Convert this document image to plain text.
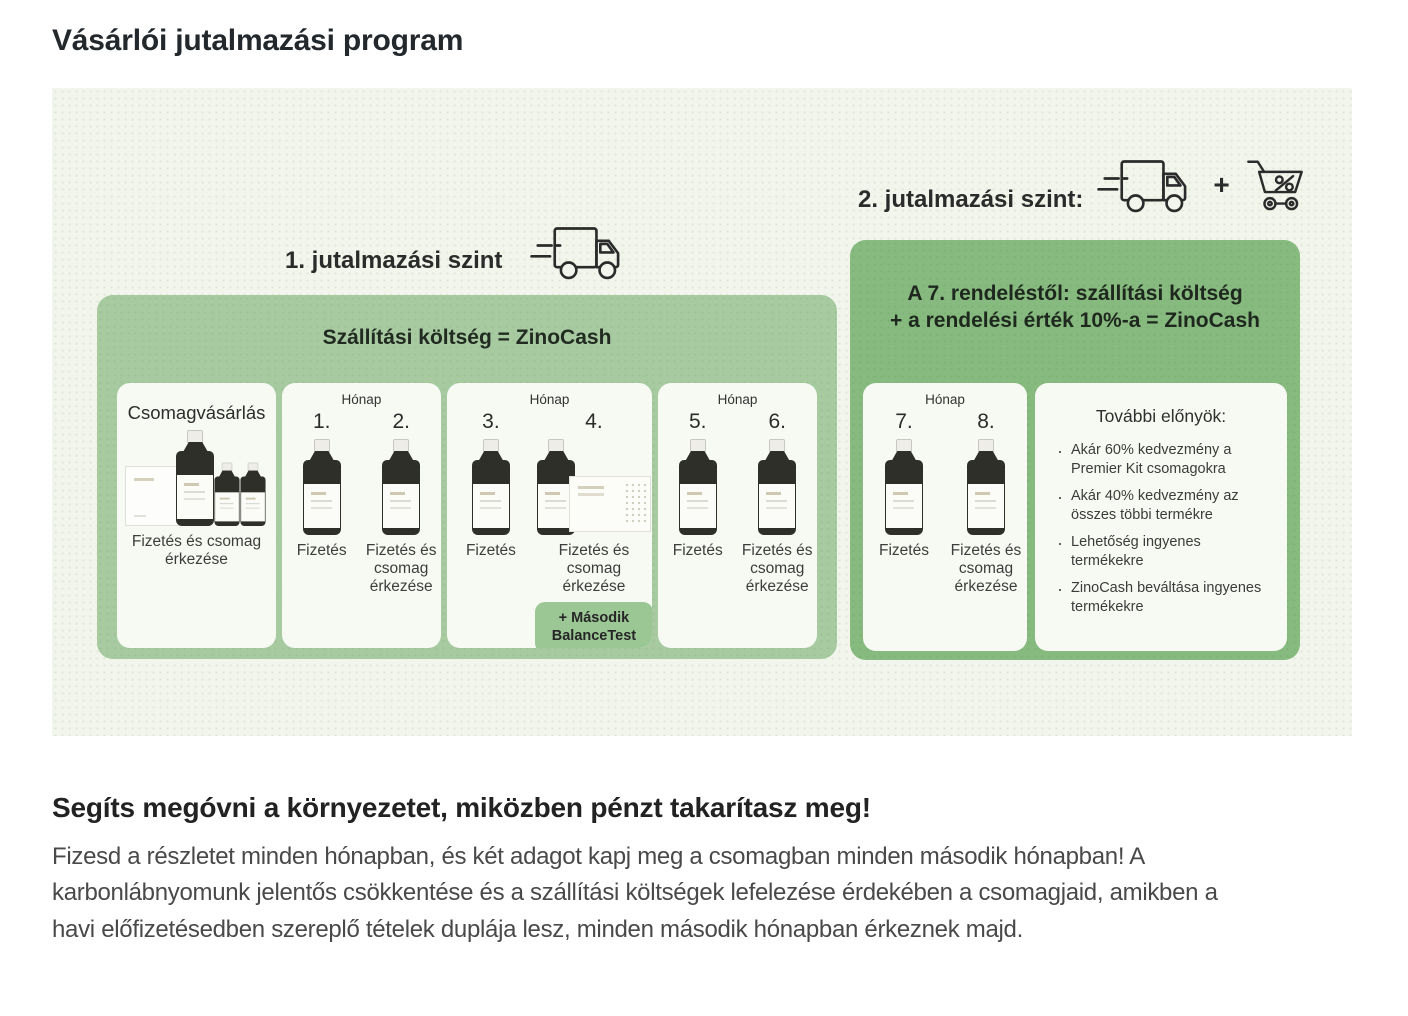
Vásárlói jutalmazási program
1. jutalmazási szint
2. jutalmazási szint:	+
Szállítási költség = ZinoCash
Csomagvásárlás
Fizetés és csomag érkezése
Hónap
1.
Fizetés
2.
Fizetés és csomag érkezése
Hónap
3.
Fizetés
4.
Fizetés és csomag érkezése
+ Második
BalanceTest
Hónap
5.
Fizetés
6.
Fizetés és csomag érkezése
A 7. rendeléstől: szállítási költség
+ a rendelési érték 10%-a = ZinoCash
Hónap
7.
Fizetés
8.
Fizetés és csomag érkezése
További előnyök:
· Akár 60% kedvezmény a Premier Kit csomagokra
· Akár 40% kedvezmény az összes többi termékre
· Lehetőség ingyenes termékekre
· ZinoCash beváltása ingyenes termékekre
Segíts megóvni a környezetet, miközben pénzt takarítasz meg!

Fizesd a részletet minden hónapban, és két adagot kapj meg a csomagban minden második hónapban! A karbonlábnyomunk jelentős csökkentése és a szállítási költségek lefelezése érdekében a csomagjaid, amikben a havi előfizetésedben szereplő tételek duplája lesz, minden második hónapban érkeznek majd.
